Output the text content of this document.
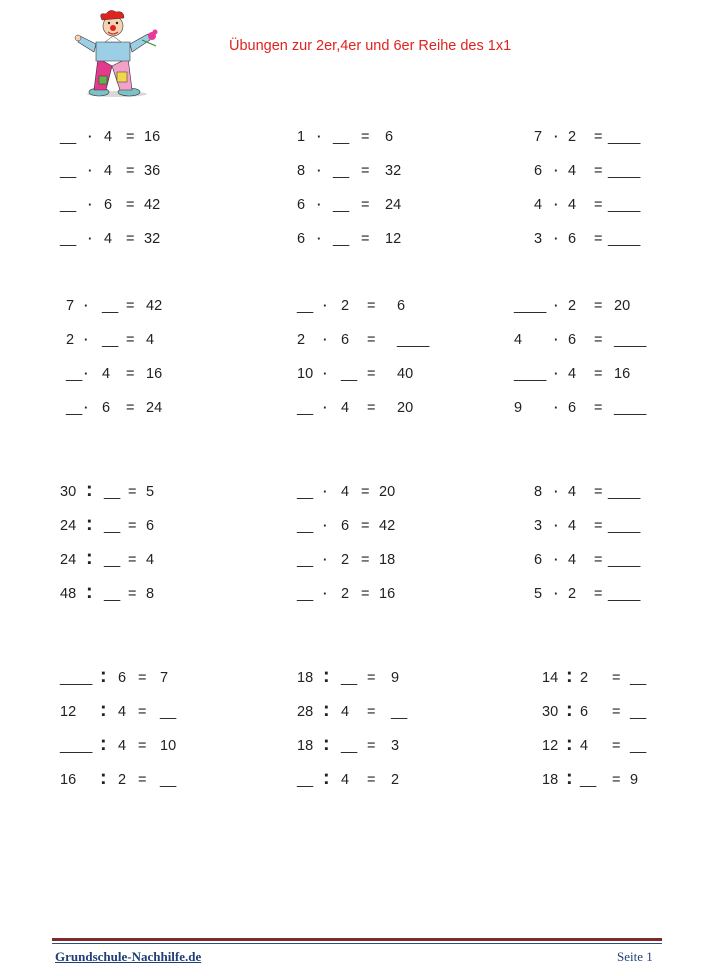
Übungen zur 2er,4er und 6er Reihe des 1x1
__ · 4 = 16
__ · 4 = 36
__ · 6 = 42
__ · 4 = 32
1 · __ = 6
8 · __ = 32
6 · __ = 24
6 · __ = 12
7 · 2 = ____
6 · 4 = ____
4 · 4 = ____
3 · 6 = ____
7 · __ = 42
2 · __ = 4
__ · 4 = 16
__ · 6 = 24
__ · 2 = 6
2 · 6 = ____
10 · __ = 40
__ · 4 = 20
____ · 2 = 20
4 · 6 = ____
____ · 4 = 16
9 · 6 = ____
30 : __ = 5
24 : __ = 6
24 : __ = 4
48 : __ = 8
__ · 4 = 20
__ · 6 = 42
__ · 2 = 18
__ · 2 = 16
8 · 4 = ____
3 · 4 = ____
6 · 4 = ____
5 · 2 = ____
____ : 6 = 7
12 : 4 = __
____ : 4 = 10
16 : 2 = __
18 : __ = 9
28 : 4 = __
18 : __ = 3
__ : 4 = 2
14 : 2 = __
30 : 6 = __
12 : 4 = __
18 : __ = 9
Grundschule-Nachhilfe.de	Seite 1
